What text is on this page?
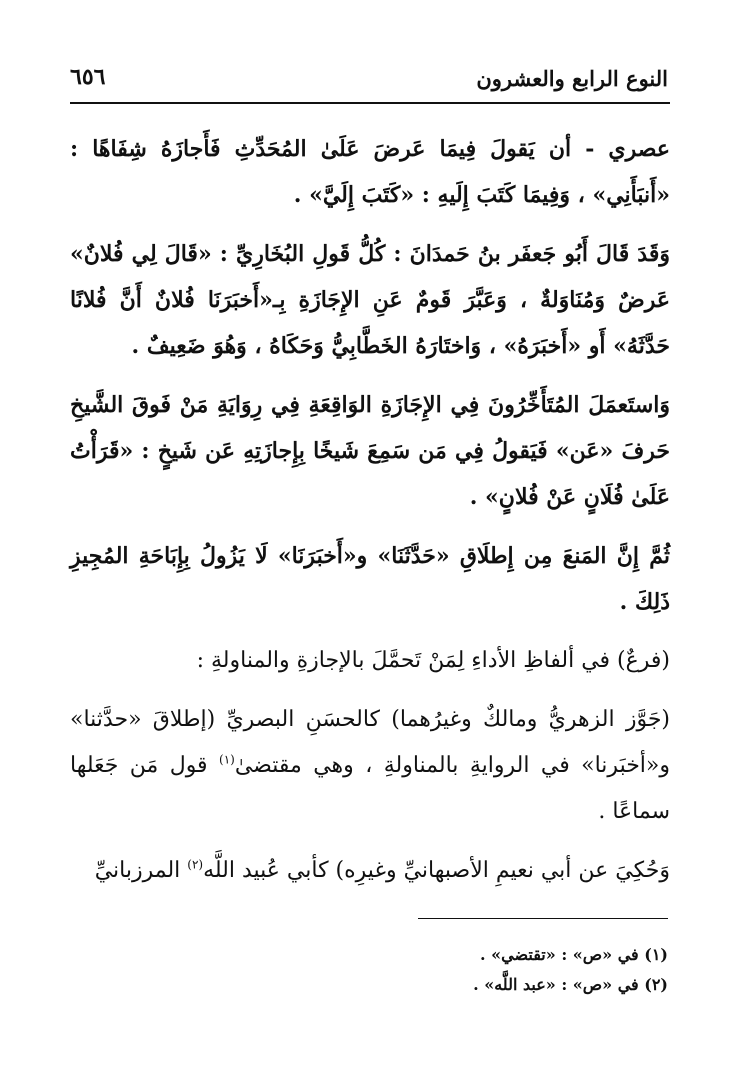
النوع الرابع والعشرون
٦٥٦

عصري - أن يَقولَ فِيمَا عَرضَ عَلَىٰ المُحَدِّثِ فَأَجازَهُ شِفَاهًا : «أَنبَأَنِي» ، وَفِيمَا كَتَبَ إِلَيهِ : «كَتَبَ إِلَيَّ» .

وَقَدَ قَالَ أَبُو جَعفَر بنُ حَمدَانَ : كُلُّ قَولِ البُخَارِيِّ : «قَالَ لِي فُلانٌ» عَرضٌ وَمُنَاوَلةٌ ، وَعَبَّرَ قَومٌ عَنِ الإِجَازَةِ بِـ«أَخبَرَنَا فُلانٌ أَنَّ فُلانًا حَدَّثَهُ» أَو «أَخبَرَهُ» ، وَاختَارَهُ الخَطَّابِيُّ وَحَكَاهُ ، وَهُوَ ضَعِيفٌ .

وَاستَعمَلَ المُتَأَخِّرُونَ فِي الإِجَازَةِ الوَاقِعَةِ فِي رِوَايَةِ مَنْ فَوقَ الشَّيخِ حَرفَ «عَن» فَيَقولُ فِي مَن سَمِعَ شَيخًا بِإِجازَتِهِ عَن شَيخٍ : «قَرَأْتُ عَلَىٰ فُلَانٍ عَنْ فُلانٍ» .

ثُمَّ إِنَّ المَنعَ مِن إِطلَاقِ «حَدَّثَنَا» و«أَخبَرَنَا» لَا يَزُولُ بِإِبَاحَةِ المُجِيزِ ذَلِكَ .

(فرعٌ) في ألفاظِ الأداءِ لِمَنْ تَحمَّلَ بالإجازةِ والمناولةِ :

(جَوَّز الزهريُّ ومالكٌ وغيرُهما) كالحسَنِ البصريِّ (إطلاقَ «حدَّثنا» و«أخبَرنا» في الروايةِ بالمناولةِ ، وهي مقتضىٰ$^{(١)}$ قول مَن جَعَلها سماعًا .

وَحُكِيَ عن أبي نعيمِ الأصبهانيِّ وغيرِه) كأبي عُبيد اللَّه$^{(٢)}$ المرزبانيِّ

(١) في «ص» : «تقتضي» .
(٢) في «ص» : «عبد اللَّه» .
